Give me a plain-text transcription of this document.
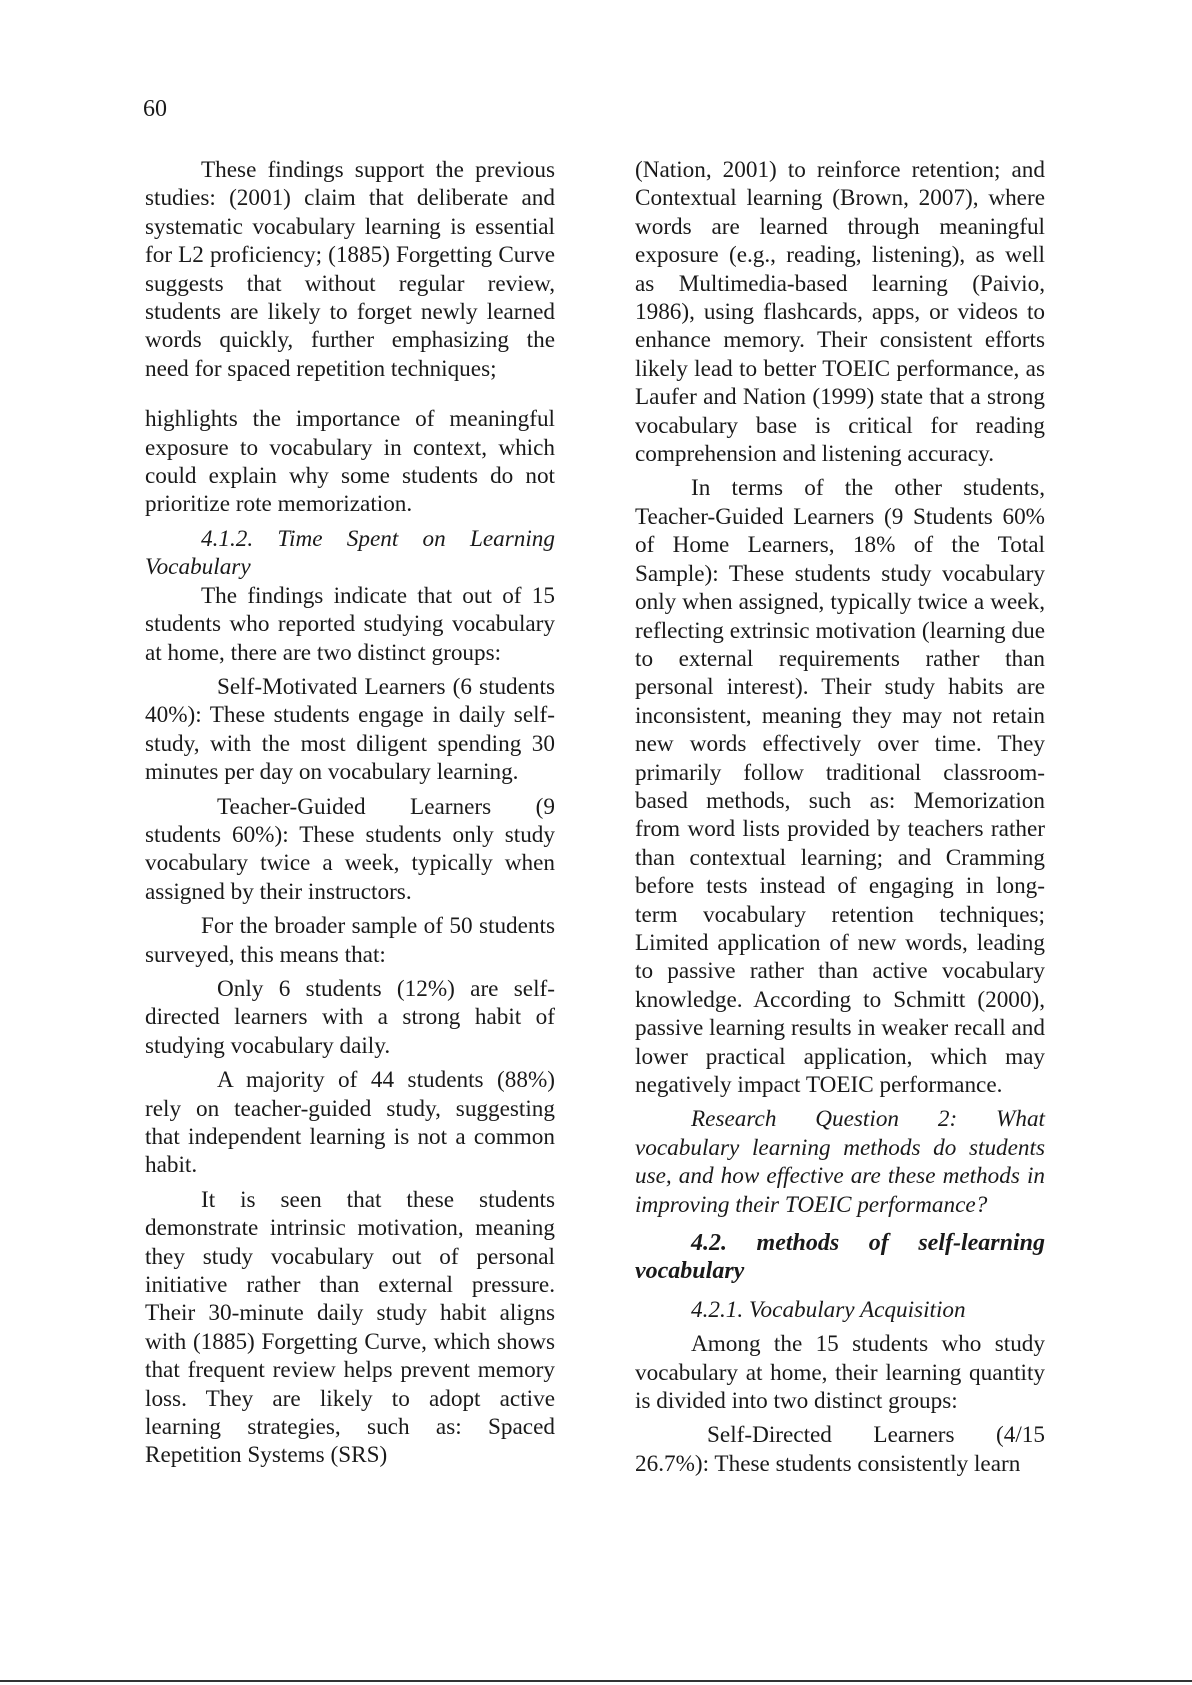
60

These findings support the previous studies: (2001) claim that deliberate and systematic vocabulary learning is essential for L2 proficiency; (1885) Forgetting Curve suggests that without regular review, students are likely to forget newly learned words quickly, further emphasizing the need for spaced repetition techniques;

highlights the importance of meaningful exposure to vocabulary in context, which could explain why some students do not prioritize rote memorization.

4.1.2. Time Spent on Learning Vocabulary

The findings indicate that out of 15 students who reported studying vocabulary at home, there are two distinct groups:

Self-Motivated Learners (6 students 40%): These students engage in daily self-study, with the most diligent spending 30 minutes per day on vocabulary learning.

Teacher-Guided Learners (9 students 60%): These students only study vocabulary twice a week, typically when assigned by their instructors.

For the broader sample of 50 students surveyed, this means that:

Only 6 students (12%) are self-directed learners with a strong habit of studying vocabulary daily.

A majority of 44 students (88%) rely on teacher-guided study, suggesting that independent learning is not a common habit.

It is seen that these students demonstrate intrinsic motivation, meaning they study vocabulary out of personal initiative rather than external pressure. Their 30-minute daily study habit aligns with (1885) Forgetting Curve, which shows that frequent review helps prevent memory loss. They are likely to adopt active learning strategies, such as: Spaced Repetition Systems (SRS)

(Nation, 2001) to reinforce retention; and Contextual learning (Brown, 2007), where words are learned through meaningful exposure (e.g., reading, listening), as well as Multimedia-based learning (Paivio, 1986), using flashcards, apps, or videos to enhance memory. Their consistent efforts likely lead to better TOEIC performance, as Laufer and Nation (1999) state that a strong vocabulary base is critical for reading comprehension and listening accuracy.

In terms of the other students, Teacher-Guided Learners (9 Students 60% of Home Learners, 18% of the Total Sample): These students study vocabulary only when assigned, typically twice a week, reflecting extrinsic motivation (learning due to external requirements rather than personal interest). Their study habits are inconsistent, meaning they may not retain new words effectively over time. They primarily follow traditional classroom-based methods, such as: Memorization from word lists provided by teachers rather than contextual learning; and Cramming before tests instead of engaging in long-term vocabulary retention techniques; Limited application of new words, leading to passive rather than active vocabulary knowledge. According to Schmitt (2000), passive learning results in weaker recall and lower practical application, which may negatively impact TOEIC performance.

Research Question 2: What vocabulary learning methods do students use, and how effective are these methods in improving their TOEIC performance?

4.2. methods of self-learning vocabulary

4.2.1. Vocabulary Acquisition

Among the 15 students who study vocabulary at home, their learning quantity is divided into two distinct groups:

Self-Directed Learners (4/15 26.7%): These students consistently learn
